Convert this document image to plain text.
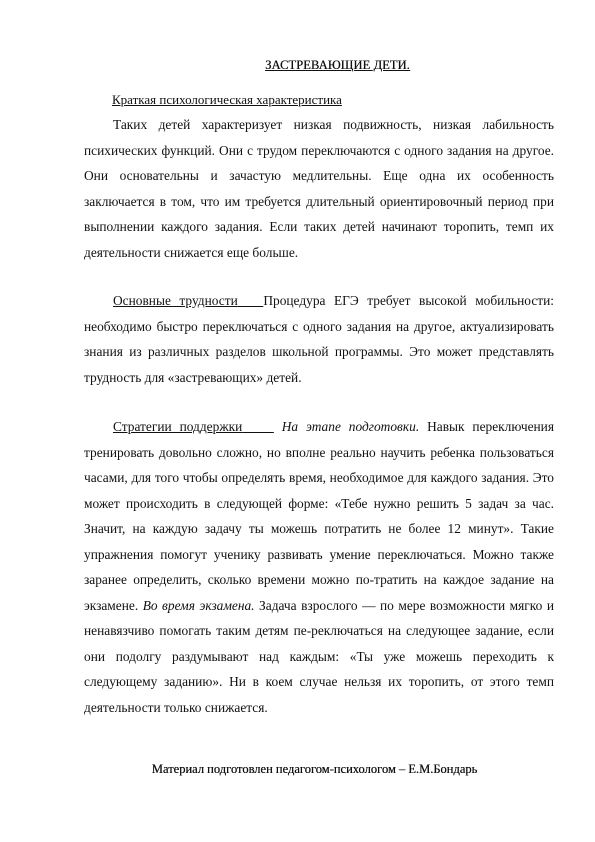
ЗАСТРЕВАЮЩИЕ ДЕТИ.
Краткая психологическая характеристика

Таких детей характеризует низкая подвижность, низкая лабильность психических функций. Они с трудом переключаются с одного задания на другое. Они основательны и зачастую медлительны. Еще одна их особенность заключается в том, что им требуется длительный ориентировочный период при выполнении каждого задания. Если таких детей начинают торопить, темп их деятельности снижается еще больше.

Основные трудности Процедура ЕГЭ требует высокой мобильности: необходимо быстро переключаться с одного задания на другое, актуализировать знания из различных разделов школьной программы. Это может представлять трудность для «застревающих» детей.

Стратегии поддержки	На этапе подготовки. Навык переключения тренировать довольно сложно, но вполне реально научить ребенка пользоваться часами, для того чтобы определять время, необходимое для каждого задания. Это может происходить в следующей форме: «Тебе нужно решить 5 задач за час. Значит, на каждую задачу ты можешь потратить не более 12 минут». Такие упражнения помогут ученику развивать умение переключаться. Можно также заранее определить, сколько времени можно по-тратить на каждое задание на экзамене. Во время экзамена. Задача взрослого — по мере возможности мягко и ненавязчиво помогать таким детям пе-реключаться на следующее задание, если они подолгу раздумывают над каждым: «Ты уже можешь переходить к следующему заданию». Ни в коем случае нельзя их торопить, от этого темп деятельности только снижается.

Материал подготовлен педагогом-психологом – Е.М.Бондарь
